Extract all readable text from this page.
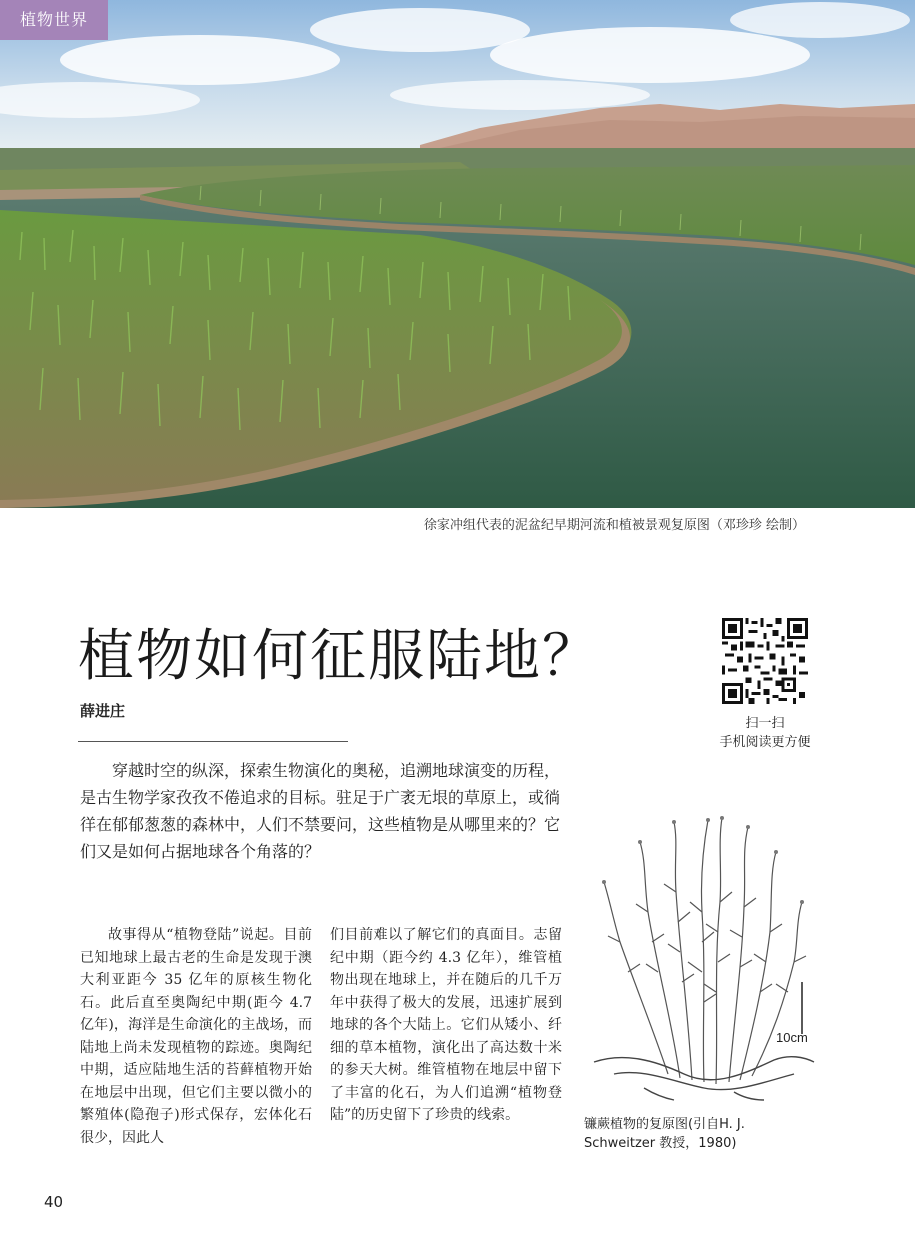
植物世界
徐家冲组代表的泥盆纪早期河流和植被景观复原图（邓珍珍 绘制）
植物如何征服陆地？
薛进庄
扫一扫
手机阅读更方便
穿越时空的纵深，探索生物演化的奥秘，追溯地球演变的历程，是古生物学家孜孜不倦追求的目标。驻足于广袤无垠的草原上，或徜徉在郁郁葱葱的森林中，人们不禁要问，这些植物是从哪里来的？它们又是如何占据地球各个角落的？
故事得从“植物登陆”说起。目前已知地球上最古老的生命是发现于澳大利亚距今 35 亿年的原核生物化石。此后直至奥陶纪中期(距今 4.7 亿年)，海洋是生命演化的主战场，而陆地上尚未发现植物的踪迹。奥陶纪中期，适应陆地生活的苔藓植物开始在地层中出现，但它们主要以微小的繁殖体(隐孢子)形式保存，宏体化石很少，因此人
们目前难以了解它们的真面目。志留纪中期（距今约 4.3 亿年），维管植物出现在地球上，并在随后的几千万年中获得了极大的发展，迅速扩展到地球的各个大陆上。它们从矮小、纤细的草本植物，演化出了高达数十米的参天大树。维管植物在地层中留下了丰富的化石，为人们追溯“植物登陆”的历史留下了珍贵的线索。
10cm
镰蕨植物的复原图(引自H. J.
Schweitzer 教授，1980)
40
